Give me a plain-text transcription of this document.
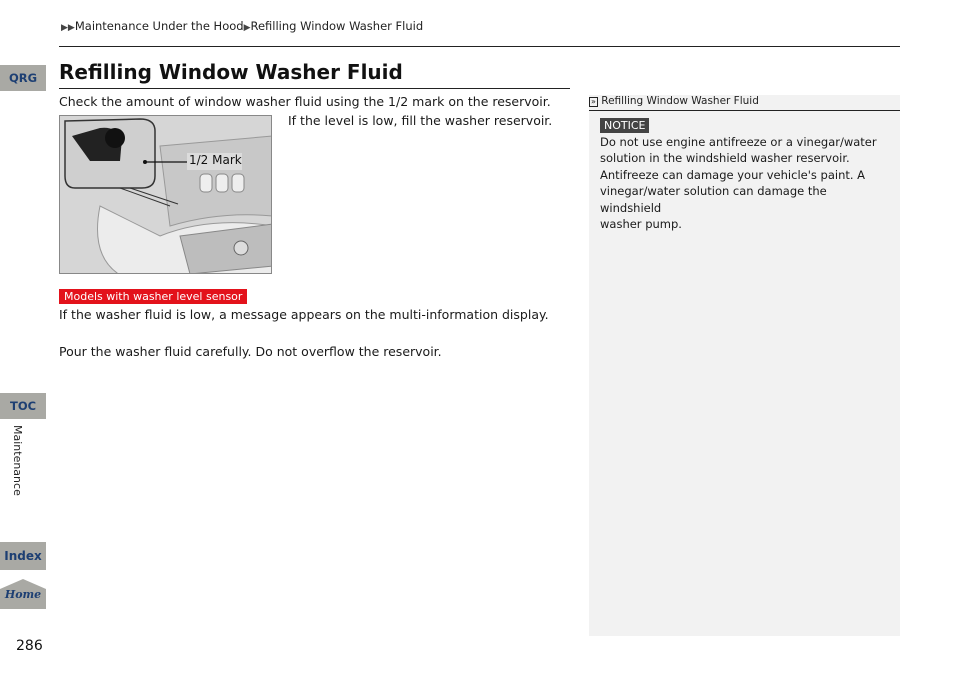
▶▶Maintenance Under the Hood▶Refilling Window Washer Fluid
Refilling Window Washer Fluid
Check the amount of window washer fluid using the 1/2 mark on the reservoir.
If the level is low, fill the washer reservoir.
1/2 Mark
Models with washer level sensor
If the washer fluid is low, a message appears on the multi-information display.
Pour the washer fluid carefully. Do not overflow the reservoir.
» Refilling Window Washer Fluid
NOTICE
Do not use engine antifreeze or a vinegar/water
solution in the windshield washer reservoir.
Antifreeze can damage your vehicle's paint. A
vinegar/water solution can damage the windshield
washer pump.
QRG
TOC
Maintenance
Index
Home
286
